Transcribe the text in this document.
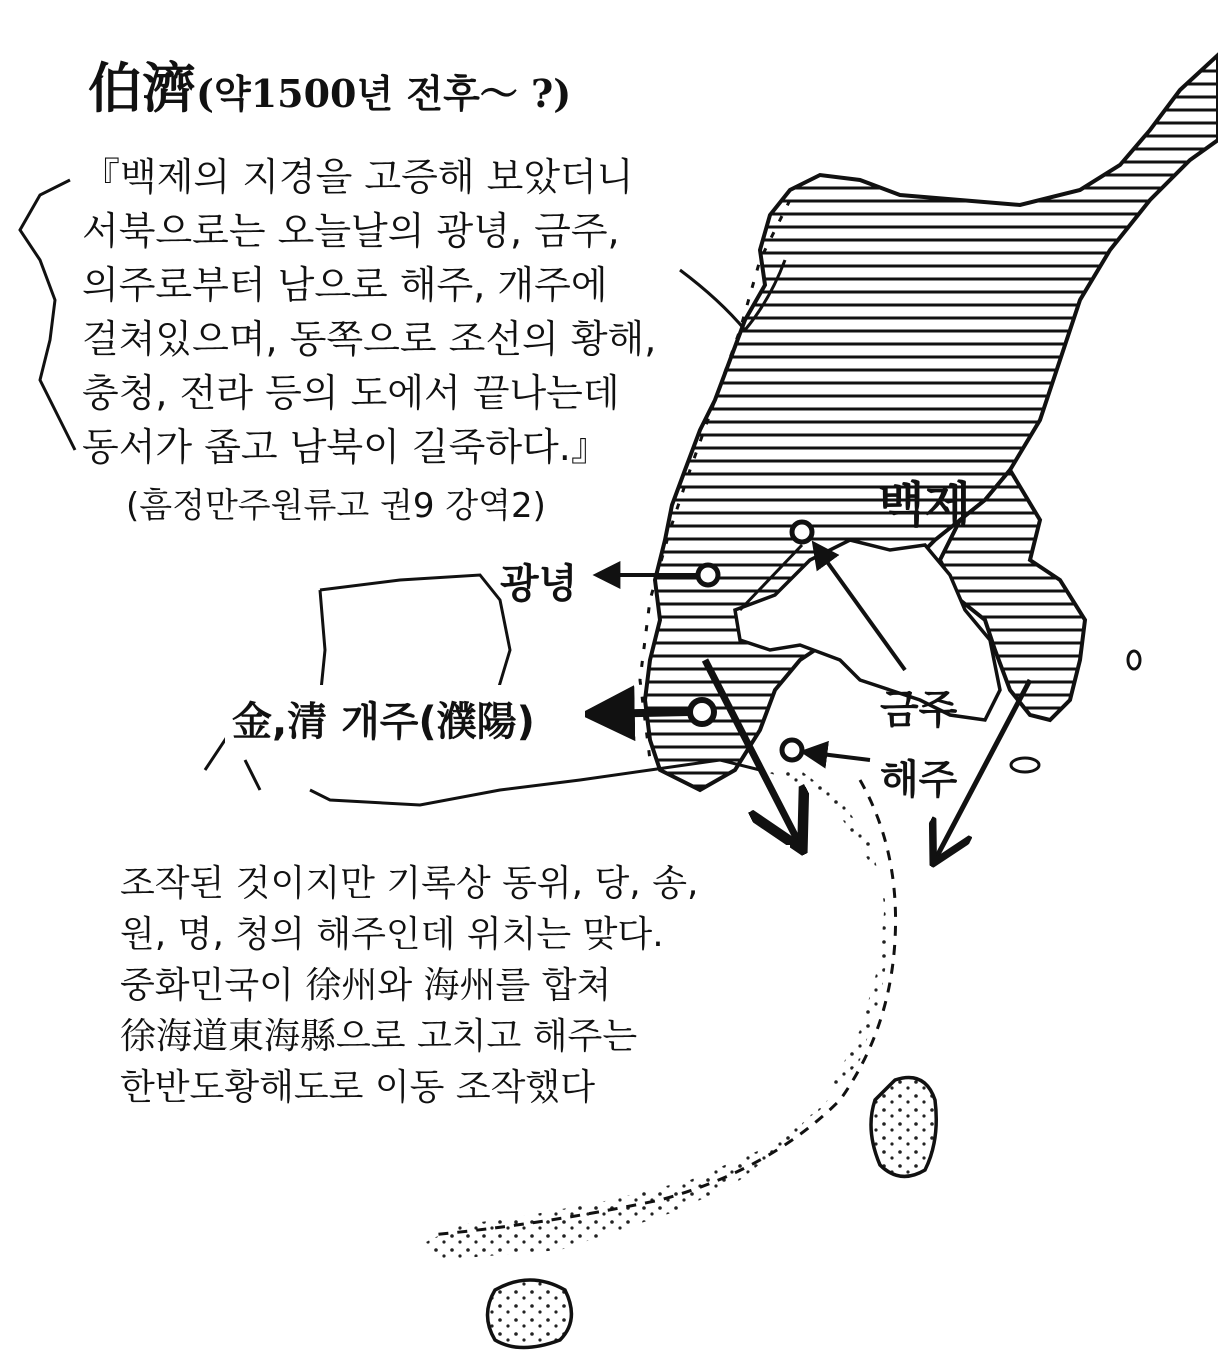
伯濟(약1500년 전후～ ?)
『백제의 지경을 고증해 보았더니
서북으로는 오늘날의 광녕, 금주,
의주로부터 남으로 해주, 개주에
걸쳐있으며, 동쪽으로 조선의 황해,
충청, 전라 등의 도에서 끝나는데
동서가 좁고 남북이 길죽하다.』
(흠정만주원류고 권9 강역2)	백제
광녕
金,清 개주(濮陽)	금주
해주
조작된 것이지만 기록상 동위, 당, 송,
원, 명, 청의 해주인데 위치는 맞다.
중화민국이 徐州와 海州를 합쳐
徐海道東海縣으로 고치고 해주는
한반도황해도로 이동 조작했다
